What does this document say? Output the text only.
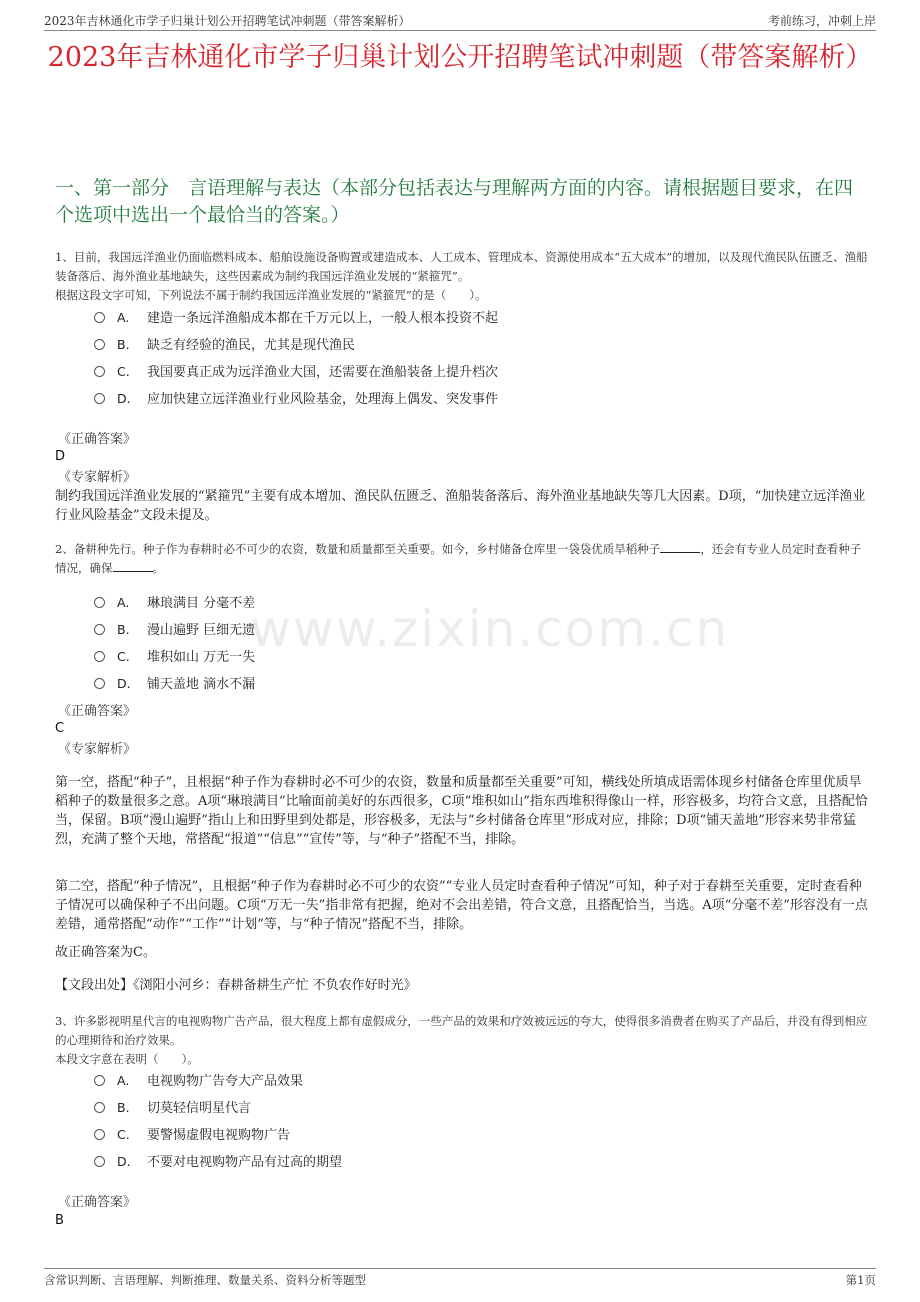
2023年吉林通化市学子归巢计划公开招聘笔试冲刺题（带答案解析）	考前练习，冲刺上岸
2023年吉林通化市学子归巢计划公开招聘笔试冲刺题（带答案解析）
一、第一部分　言语理解与表达（本部分包括表达与理解两方面的内容。请根据题目要求，在四个选项中选出一个最恰当的答案。）
www.zixin.com.cn
1、目前，我国远洋渔业仍面临燃料成本、船舶设施设备购置或建造成本、人工成本、管理成本、资源使用成本“五大成本”的增加，以及现代渔民队伍匮乏、渔船装备落后、海外渔业基地缺失，这些因素成为制约我国远洋渔业发展的“紧箍咒”。
根据这段文字可知，下列说法不属于制约我国远洋渔业发展的“紧箍咒”的是（　　）。
A. 建造一条远洋渔船成本都在千万元以上，一般人根本投资不起
B. 缺乏有经验的渔民，尤其是现代渔民
C. 我国要真正成为远洋渔业大国，还需要在渔船装备上提升档次
D. 应加快建立远洋渔业行业风险基金，处理海上偶发、突发事件
《正确答案》
D
《专家解析》
制约我国远洋渔业发展的“紧箍咒”主要有成本增加、渔民队伍匮乏、渔船装备落后、海外渔业基地缺失等几大因素。D项，“加快建立远洋渔业行业风险基金”文段未提及。
2、备耕种先行。种子作为春耕时必不可少的农资，数量和质量都至关重要。如今，乡村储备仓库里一袋袋优质旱稻种子	，还会有专业人员定时查看种子情况，确保	。
A. 琳琅满目 分毫不差
B. 漫山遍野 巨细无遗
C. 堆积如山 万无一失
D. 铺天盖地 滴水不漏
《正确答案》
C
《专家解析》
第一空，搭配“种子”，且根据“种子作为春耕时必不可少的农资，数量和质量都至关重要”可知，横线处所填成语需体现乡村储备仓库里优质旱稻种子的数量很多之意。A项“琳琅满目”比喻面前美好的东西很多，C项“堆积如山”指东西堆积得像山一样，形容极多，均符合文意，且搭配恰当，保留。B项“漫山遍野”指山上和田野里到处都是，形容极多，无法与“乡村储备仓库里”形成对应，排除；D项“铺天盖地”形容来势非常猛烈，充满了整个天地，常搭配“报道”“信息”“宣传”等，与“种子”搭配不当，排除。
第二空，搭配“种子情况”，且根据“种子作为春耕时必不可少的农资”“专业人员定时查看种子情况”可知，种子对于春耕至关重要，定时查看种子情况可以确保种子不出问题。C项“万无一失”指非常有把握，绝对不会出差错，符合文意，且搭配恰当，当选。A项“分毫不差”形容没有一点差错，通常搭配“动作”“工作”“计划”等，与“种子情况”搭配不当，排除。
故正确答案为C。
【文段出处】《浏阳小河乡：春耕备耕生产忙 不负农作好时光》
3、许多影视明星代言的电视购物广告产品，很大程度上都有虚假成分，一些产品的效果和疗效被远远的夸大，使得很多消费者在购买了产品后，并没有得到相应的心理期待和治疗效果。
本段文字意在表明（　　）。
A. 电视购物广告夸大产品效果
B. 切莫轻信明星代言
C. 要警惕虚假电视购物广告
D. 不要对电视购物产品有过高的期望
《正确答案》
B
含常识判断、言语理解、判断推理、数量关系、资料分析等题型	第1页
